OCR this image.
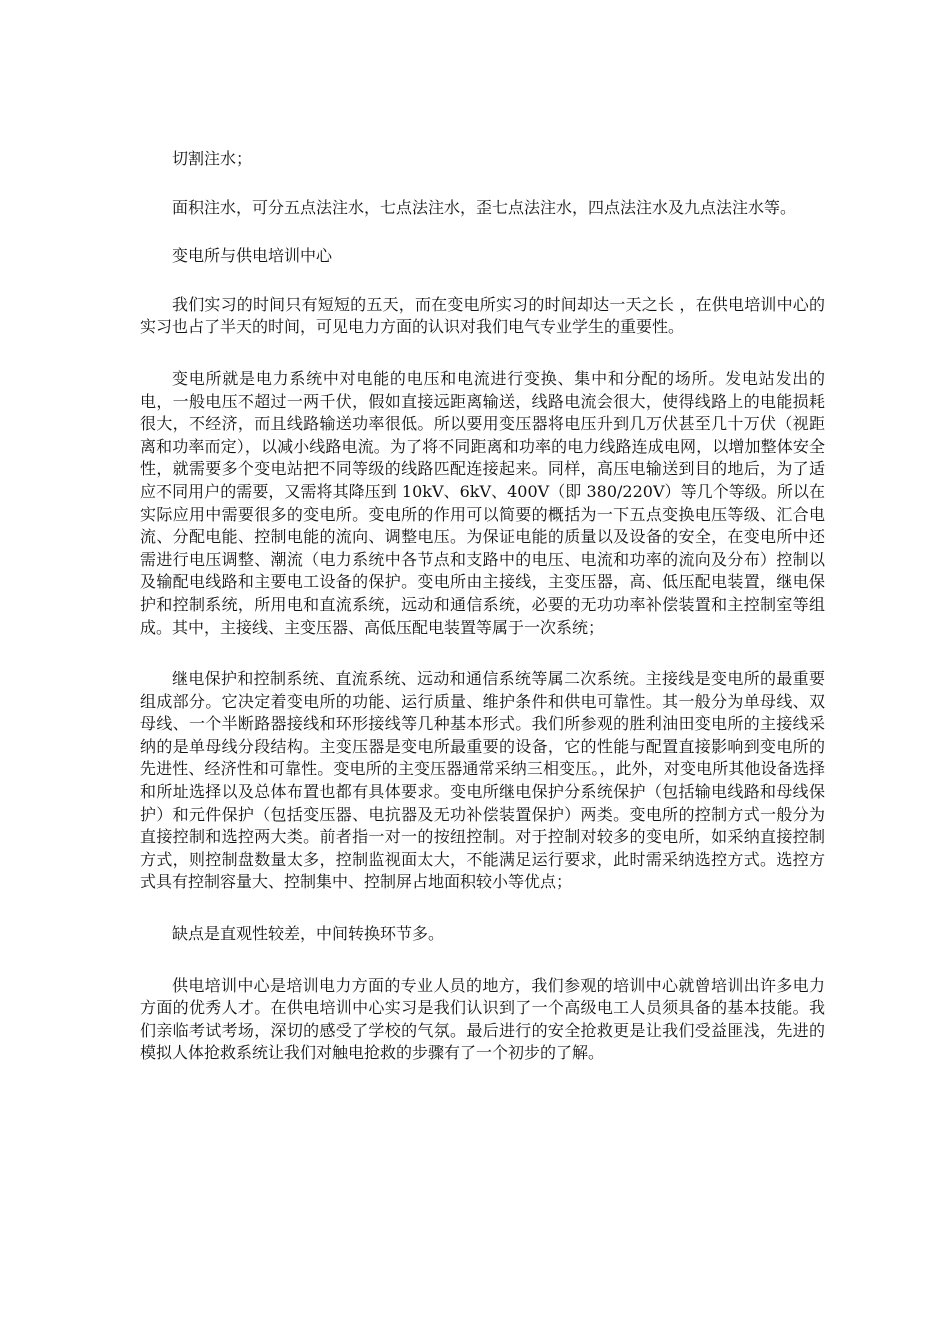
切割注水；

面积注水，可分五点法注水，七点法注水，歪七点法注水，四点法注水及九点法注水等。

变电所与供电培训中心

我们实习的时间只有短短的五天，而在变电所实习的时间却达一天之长 ，在供电培训中心的实习也占了半天的时间，可见电力方面的认识对我们电气专业学生的重要性。

变电所就是电力系统中对电能的电压和电流进行变换、集中和分配的场所。发电站发出的电，一般电压不超过一两千伏，假如直接远距离输送，线路电流会很大，使得线路上的电能损耗很大，不经济，而且线路输送功率很低。所以要用变压器将电压升到几万伏甚至几十万伏（视距离和功率而定），以减小线路电流。为了将不同距离和功率的电力线路连成电网，以增加整体安全性，就需要多个变电站把不同等级的线路匹配连接起来。同样，高压电输送到目的地后，为了适应不同用户的需要，又需将其降压到 10kV、6kV、400V（即 380/220V）等几个等级。所以在实际应用中需要很多的变电所。变电所的作用可以简要的概括为一下五点变换电压等级、汇合电流、分配电能、控制电能的流向、调整电压。为保证电能的质量以及设备的安全，在变电所中还需进行电压调整、潮流（电力系统中各节点和支路中的电压、电流和功率的流向及分布）控制以及输配电线路和主要电工设备的保护。变电所由主接线，主变压器，高、低压配电装置，继电保护和控制系统，所用电和直流系统，远动和通信系统，必要的无功功率补偿装置和主控制室等组成。其中，主接线、主变压器、高低压配电装置等属于一次系统；

继电保护和控制系统、直流系统、远动和通信系统等属二次系统。主接线是变电所的最重要组成部分。它决定着变电所的功能、运行质量、维护条件和供电可靠性。其一般分为单母线、双母线、一个半断路器接线和环形接线等几种基本形式。我们所参观的胜利油田变电所的主接线采纳的是单母线分段结构。主变压器是变电所最重要的设备，它的性能与配置直接影响到变电所的先进性、经济性和可靠性。变电所的主变压器通常采纳三相变压。，此外，对变电所其他设备选择和所址选择以及总体布置也都有具体要求。变电所继电保护分系统保护（包括输电线路和母线保护）和元件保护（包括变压器、电抗器及无功补偿装置保护）两类。变电所的控制方式一般分为直接控制和选控两大类。前者指一对一的按纽控制。对于控制对较多的变电所，如采纳直接控制方式，则控制盘数量太多，控制监视面太大，不能满足运行要求，此时需采纳选控方式。选控方式具有控制容量大、控制集中、控制屏占地面积较小等优点；

缺点是直观性较差，中间转换环节多。

供电培训中心是培训电力方面的专业人员的地方，我们参观的培训中心就曾培训出许多电力方面的优秀人才。在供电培训中心实习是我们认识到了一个高级电工人员须具备的基本技能。我们亲临考试考场，深切的感受了学校的气氛。最后进行的安全抢救更是让我们受益匪浅，先进的模拟人体抢救系统让我们对触电抢救的步骤有了一个初步的了解。
